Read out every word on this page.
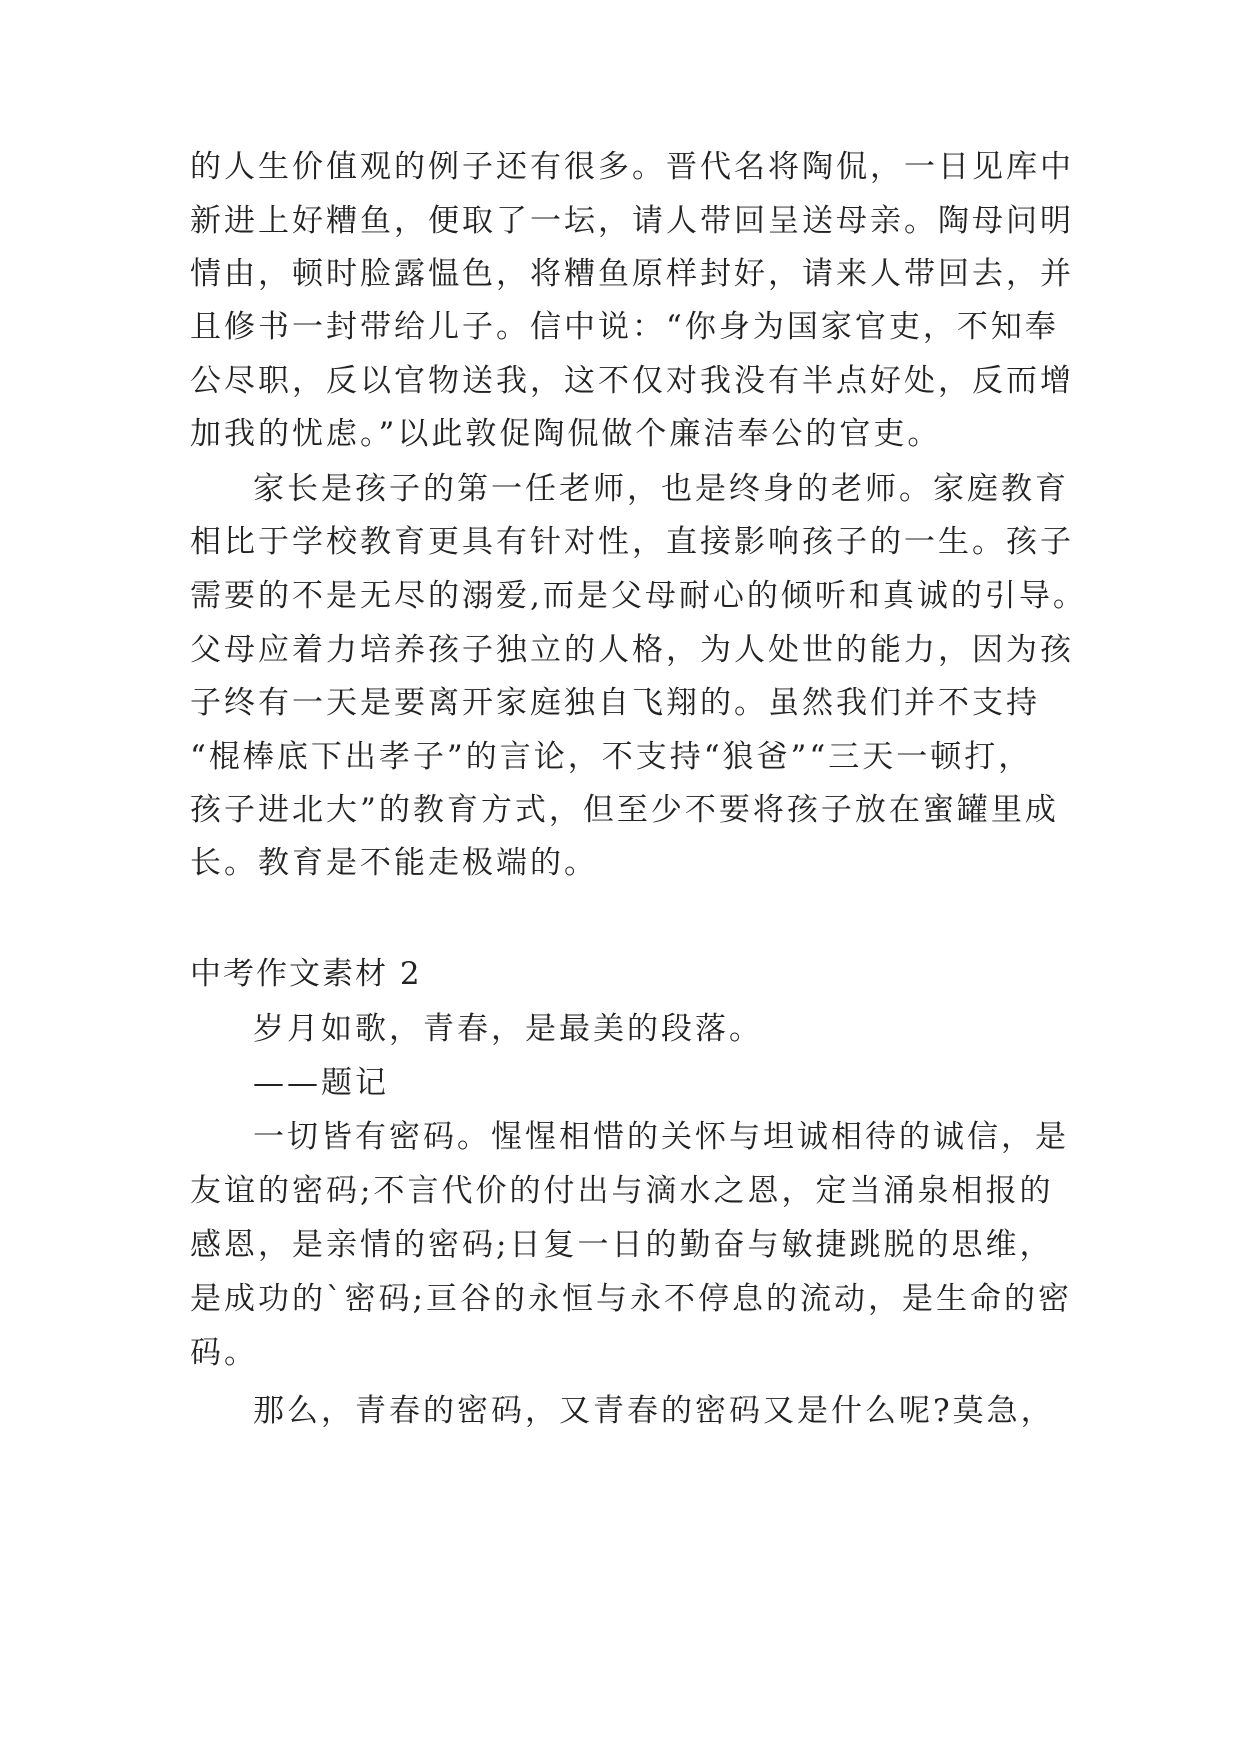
的人生价值观的例子还有很多。晋代名将陶侃，一日见库中
新进上好糟鱼，便取了一坛，请人带回呈送母亲。陶母问明
情由，顿时脸露愠色，将糟鱼原样封好，请来人带回去，并
且修书一封带给儿子。信中说：“你身为国家官吏，不知奉
公尽职，反以官物送我，这不仅对我没有半点好处，反而增
加我的忧虑。”以此敦促陶侃做个廉洁奉公的官吏。
家长是孩子的第一任老师，也是终身的老师。家庭教育
相比于学校教育更具有针对性，直接影响孩子的一生。孩子
需要的不是无尽的溺爱,而是父母耐心的倾听和真诚的引导。
父母应着力培养孩子独立的人格，为人处世的能力，因为孩
子终有一天是要离开家庭独自飞翔的。虽然我们并不支持
“棍棒底下出孝子”的言论，不支持“狼爸”“三天一顿打，
孩子进北大”的教育方式，但至少不要将孩子放在蜜罐里成
长。教育是不能走极端的。
中考作文素材 2
岁月如歌，青春，是最美的段落。
——题记
一切皆有密码。惺惺相惜的关怀与坦诚相待的诚信，是
友谊的密码;不言代价的付出与滴水之恩，定当涌泉相报的
感恩，是亲情的密码;日复一日的勤奋与敏捷跳脱的思维，
是成功的`密码;亘谷的永恒与永不停息的流动，是生命的密
码。
那么，青春的密码，又青春的密码又是什么呢?莫急，
